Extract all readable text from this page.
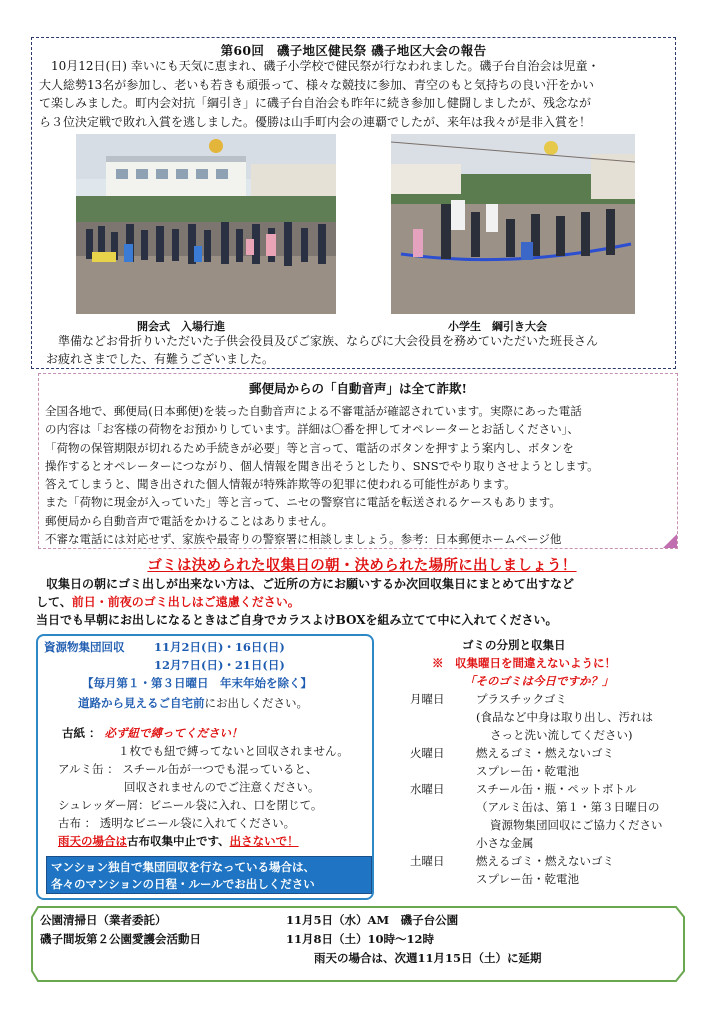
第60回　磯子地区健民祭 磯子地区大会の報告
　10月12日(日) 幸いにも天気に恵まれ、磯子小学校で健民祭が行なわれました。磯子台自治会は児童・
大人総勢13名が参加し、老いも若きも頑張って、様々な競技に参加、青空のもと気持ちの良い汗をかい
て楽しみました。町内会対抗「綱引き」に磯子台自治会も昨年に続き参加し健闘しましたが、残念なが
ら３位決定戦で敗れ入賞を逃しました。優勝は山手町内会の連覇でしたが、来年は我々が是非入賞を！
開会式　入場行進	小学生　綱引き大会
準備などお骨折りいただいた子供会役員及びご家族、ならびに大会役員を務めていただいた班長さん
お疲れさまでした、有難うございました。
郵便局からの「自動音声」は全て詐欺!
全国各地で、郵便局(日本郵便)を装った自動音声による不審電話が確認されています。実際にあった電話
の内容は「お客様の荷物をお預かりしています。詳細は〇番を押してオペレーターとお話しください」、
「荷物の保管期限が切れるため手続きが必要」等と言って、電話のボタンを押すよう案内し、ボタンを
操作するとオペレーターにつながり、個人情報を聞き出そうとしたり、SNSでやり取りさせようとします。
答えてしまうと、聞き出された個人情報が特殊詐欺等の犯罪に使われる可能性があります。
また「荷物に現金が入っていた」等と言って、ニセの警察官に電話を転送されるケースもあります。
郵便局から自動音声で電話をかけることはありません。
不審な電話には対応せず、家族や最寄りの警察署に相談しましょう。参考：日本郵便ホームページ他
ゴミは決められた収集日の朝・決められた場所に出しましょう！
収集日の朝にゴミ出しが出来ない方は、ご近所の方にお願いするか次回収集日にまとめて出すなど
して、前日・前夜のゴミ出しはご遠慮ください。
当日でも早朝にお出しになるときはご自身でカラスよけBOXを組み立てて中に入れてください。
資源物集団回収	11月2日(日)・16日(日)
12月7日(日)・21日(日)
【毎月第１・第３日曜日　年末年始を除く】
道路から見えるご自宅前にお出しください。
古紙 ： 必ず紐で縛ってください！
１枚でも紐で縛ってないと回収されません。
アルミ缶 ： スチール缶が一つでも混っていると、
回収されませんのでご注意ください。
シュレッダー屑：ビニール袋に入れ、口を閉じて。
古布 ： 透明なビニール袋に入れてください。
雨天の場合は古布収集中止です、出さないで！
マンション独自で集団回収を行なっている場合は、
各々のマンションの日程・ルールでお出しください
ゴミの分別と収集日
※　収集曜日を間違えないように！
「そのゴミは今日ですか？」
月曜日	プラスチックゴミ
(食品など中身は取り出し、汚れは
さっと洗い流してください)
火曜日	燃えるゴミ・燃えないゴミ
スプレー缶・乾電池
水曜日	スチール缶・瓶・ペットボトル
（アルミ缶は、第１・第３日曜日の
資源物集団回収にご協力ください
小さな金属
土曜日	燃えるゴミ・燃えないゴミ
スプレー缶・乾電池
公園清掃日（業者委託）	11月5日（水）AM　磯子台公園
磯子間坂第２公園愛護会活動日	11月8日（土）10時～12時
雨天の場合は、次週11月15日（土）に延期
